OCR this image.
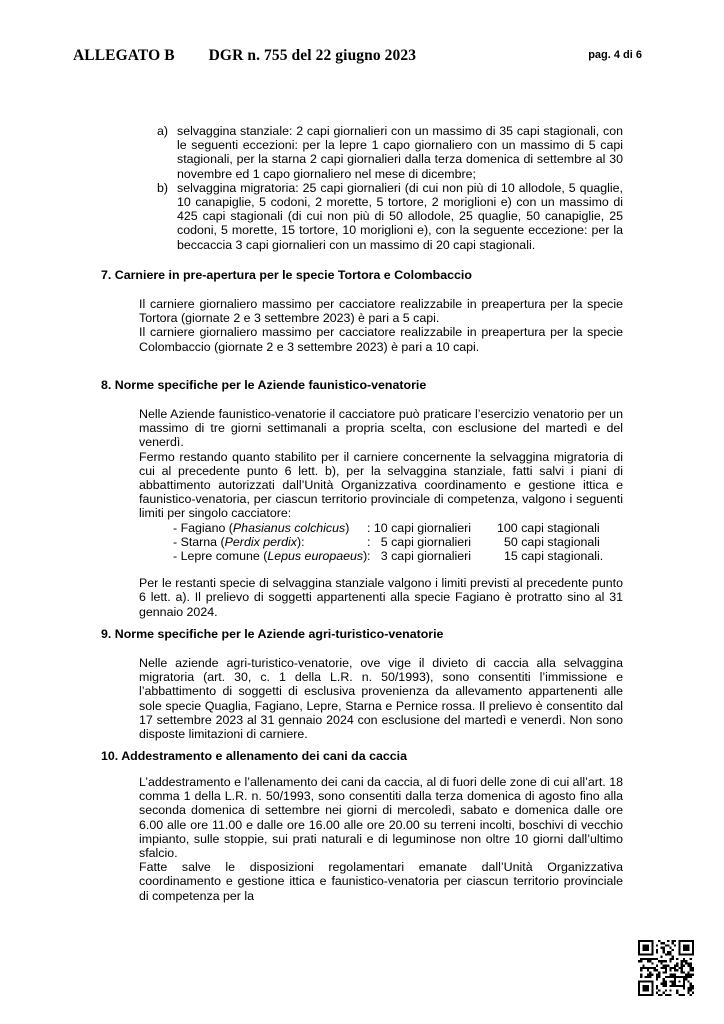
ALLEGATO B DGR n. 755 del 22 giugno 2023	pag. 4 di 6
a) selvaggina stanziale: 2 capi giornalieri con un massimo di 35 capi stagionali, con le seguenti eccezioni: per la lepre 1 capo giornaliero con un massimo di 5 capi stagionali, per la starna 2 capi giornalieri dalla terza domenica di settembre al 30 novembre ed 1 capo giornaliero nel mese di dicembre;
b) selvaggina migratoria: 25 capi giornalieri (di cui non più di 10 allodole, 5 quaglie, 10 canapiglie, 5 codoni, 2 morette, 5 tortore, 2 moriglioni e) con un massimo di 425 capi stagionali (di cui non più di 50 allodole, 25 quaglie, 50 canapiglie, 25 codoni, 5 morette, 15 tortore, 10 moriglioni e), con la seguente eccezione: per la beccaccia 3 capi giornalieri con un massimo di 20 capi stagionali.
7. Carniere in pre-apertura per le specie Tortora e Colombaccio

Il carniere giornaliero massimo per cacciatore realizzabile in preapertura per la specie Tortora (giornate 2 e 3 settembre 2023) è pari a 5 capi.

Il carniere giornaliero massimo per cacciatore realizzabile in preapertura per la specie Colombaccio (giornate 2 e 3 settembre 2023) è pari a 10 capi.

8. Norme specifiche per le Aziende faunistico-venatorie

Nelle Aziende faunistico-venatorie il cacciatore può praticare l’esercizio venatorio per un massimo di tre giorni settimanali a propria scelta, con esclusione del martedì e del venerdì.

Fermo restando quanto stabilito per il carniere concernente la selvaggina migratoria di cui al precedente punto 6 lett. b), per la selvaggina stanziale, fatti salvi i piani di abbattimento autorizzati dall’Unità Organizzativa coordinamento e gestione ittica e faunistico-venatoria, per ciascun territorio provinciale di competenza, valgono i seguenti limiti per singolo cacciatore:

- Fagiano (Phasianus colchicus)	: 10 capi giornalieri	100 capi stagionali
- Starna (Perdix perdix):	:   5 capi giornalieri	50 capi stagionali
- Lepre comune (Lepus europaeus) :   3 capi giornalieri	15 capi stagionali.

Per le restanti specie di selvaggina stanziale valgono i limiti previsti al precedente punto 6 lett. a). Il prelievo di soggetti appartenenti alla specie Fagiano è protratto sino al 31 gennaio 2024.

9. Norme specifiche per le Aziende agri-turistico-venatorie

Nelle aziende agri-turistico-venatorie, ove vige il divieto di caccia alla selvaggina migratoria (art. 30, c. 1 della L.R. n. 50/1993), sono consentiti l’immissione e l’abbattimento di soggetti di esclusiva provenienza da allevamento appartenenti alle sole specie Quaglia, Fagiano, Lepre, Starna e Pernice rossa. Il prelievo è consentito dal 17 settembre 2023 al 31 gennaio 2024 con esclusione del martedì e venerdì. Non sono disposte limitazioni di carniere.

10. Addestramento e allenamento dei cani da caccia

L’addestramento e l’allenamento dei cani da caccia, al di fuori delle zone di cui all’art. 18 comma 1 della L.R. n. 50/1993, sono consentiti dalla terza domenica di agosto fino alla seconda domenica di settembre nei giorni di mercoledì, sabato e domenica dalle ore 6.00 alle ore 11.00 e dalle ore 16.00 alle ore 20.00 su terreni incolti, boschivi di vecchio impianto, sulle stoppie, sui prati naturali e di leguminose non oltre 10 giorni dall’ultimo sfalcio.

Fatte salve le disposizioni regolamentari emanate dall’Unità Organizzativa coordinamento e gestione ittica e faunistico-venatoria per ciascun territorio provinciale di competenza per la
